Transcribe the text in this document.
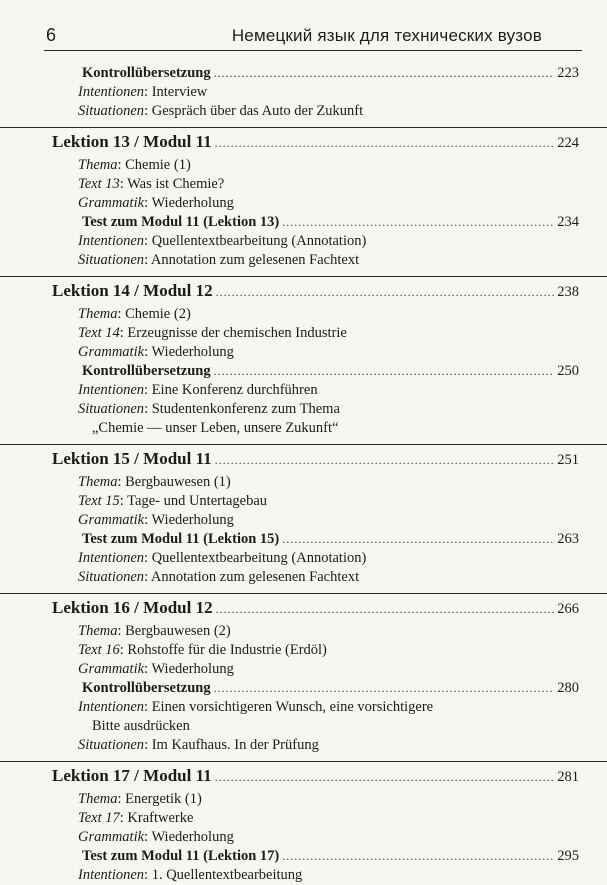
6	Немецкий язык для технических вузов
Kontrollübersetzung .....	223
Intentionen: Interview
Situationen: Gespräch über das Auto der Zukunft
Lektion 13 / Modul 11 .....	224
Thema: Chemie (1)
Text 13: Was ist Chemie?
Grammatik: Wiederholung
Test zum Modul 11 (Lektion 13) .....	234
Intentionen: Quellentextbearbeitung (Annotation)
Situationen: Annotation zum gelesenen Fachtext
Lektion 14 / Modul 12 .....	238
Thema: Chemie (2)
Text 14: Erzeugnisse der chemischen Industrie
Grammatik: Wiederholung
Kontrollübersetzung .....	250
Intentionen: Eine Konferenz durchführen
Situationen: Studentenkonferenz zum Thema
„Chemie — unser Leben, unsere Zukunft“
Lektion 15 / Modul 11 .....	251
Thema: Bergbauwesen (1)
Text 15: Tage- und Untertagebau
Grammatik: Wiederholung
Test zum Modul 11 (Lektion 15) .....	263
Intentionen: Quellentextbearbeitung (Annotation)
Situationen: Annotation zum gelesenen Fachtext
Lektion 16 / Modul 12 .....	266
Thema: Bergbauwesen (2)
Text 16: Rohstoffe für die Industrie (Erdöl)
Grammatik: Wiederholung
Kontrollübersetzung .....	280
Intentionen: Einen vorsichtigeren Wunsch, eine vorsichtigere
Bitte ausdrücken
Situationen: Im Kaufhaus. In der Prüfung
Lektion 17 / Modul 11 .....	281
Thema: Energetik (1)
Text 17: Kraftwerke
Grammatik: Wiederholung
Test zum Modul 11 (Lektion 17) .....	295
Intentionen: 1. Quellentextbearbeitung
